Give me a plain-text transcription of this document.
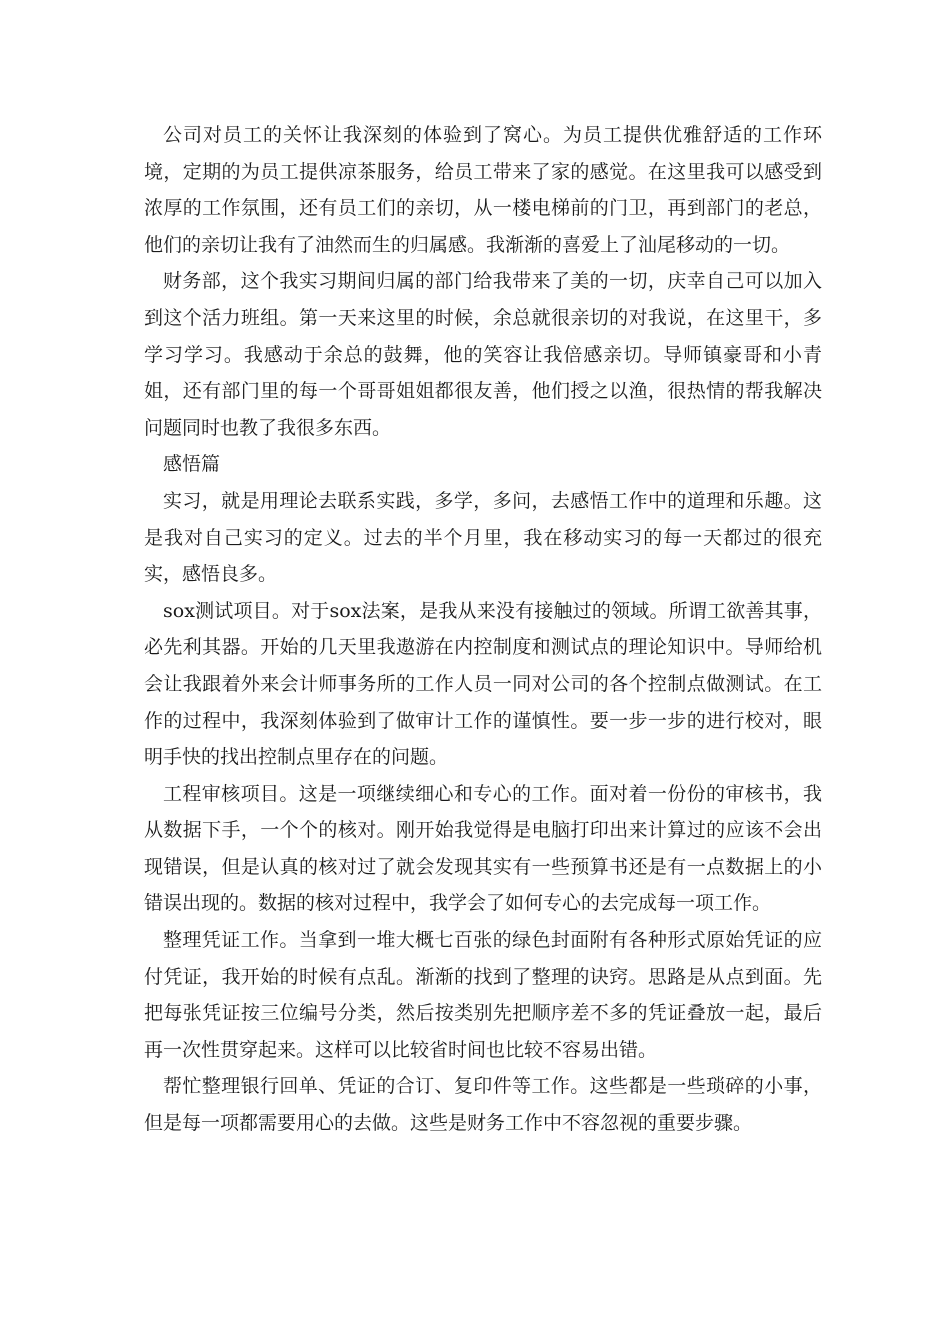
公司对员工的关怀让我深刻的体验到了窝心。为员工提供优雅舒适的工作环境，定期的为员工提供凉茶服务，给员工带来了家的感觉。在这里我可以感受到浓厚的工作氛围，还有员工们的亲切，从一楼电梯前的门卫，再到部门的老总，他们的亲切让我有了油然而生的归属感。我渐渐的喜爱上了汕尾移动的一切。

财务部，这个我实习期间归属的部门给我带来了美的一切，庆幸自己可以加入到这个活力班组。第一天来这里的时候，余总就很亲切的对我说，在这里干，多学习学习。我感动于余总的鼓舞，他的笑容让我倍感亲切。导师镇豪哥和小青姐，还有部门里的每一个哥哥姐姐都很友善，他们授之以渔，很热情的帮我解决问题同时也教了我很多东西。

感悟篇

实习，就是用理论去联系实践，多学，多问，去感悟工作中的道理和乐趣。这是我对自己实习的定义。过去的半个月里，我在移动实习的每一天都过的很充实，感悟良多。

sox测试项目。对于sox法案，是我从来没有接触过的领域。所谓工欲善其事，必先利其器。开始的几天里我遨游在内控制度和测试点的理论知识中。导师给机会让我跟着外来会计师事务所的工作人员一同对公司的各个控制点做测试。在工作的过程中，我深刻体验到了做审计工作的谨慎性。要一步一步的进行校对，眼明手快的找出控制点里存在的问题。

工程审核项目。这是一项继续细心和专心的工作。面对着一份份的审核书，我从数据下手，一个个的核对。刚开始我觉得是电脑打印出来计算过的应该不会出现错误，但是认真的核对过了就会发现其实有一些预算书还是有一点数据上的小错误出现的。数据的核对过程中，我学会了如何专心的去完成每一项工作。

整理凭证工作。当拿到一堆大概七百张的绿色封面附有各种形式原始凭证的应付凭证，我开始的时候有点乱。渐渐的找到了整理的诀窍。思路是从点到面。先把每张凭证按三位编号分类，然后按类别先把顺序差不多的凭证叠放一起，最后再一次性贯穿起来。这样可以比较省时间也比较不容易出错。

帮忙整理银行回单、凭证的合订、复印件等工作。这些都是一些琐碎的小事，但是每一项都需要用心的去做。这些是财务工作中不容忽视的重要步骤。
